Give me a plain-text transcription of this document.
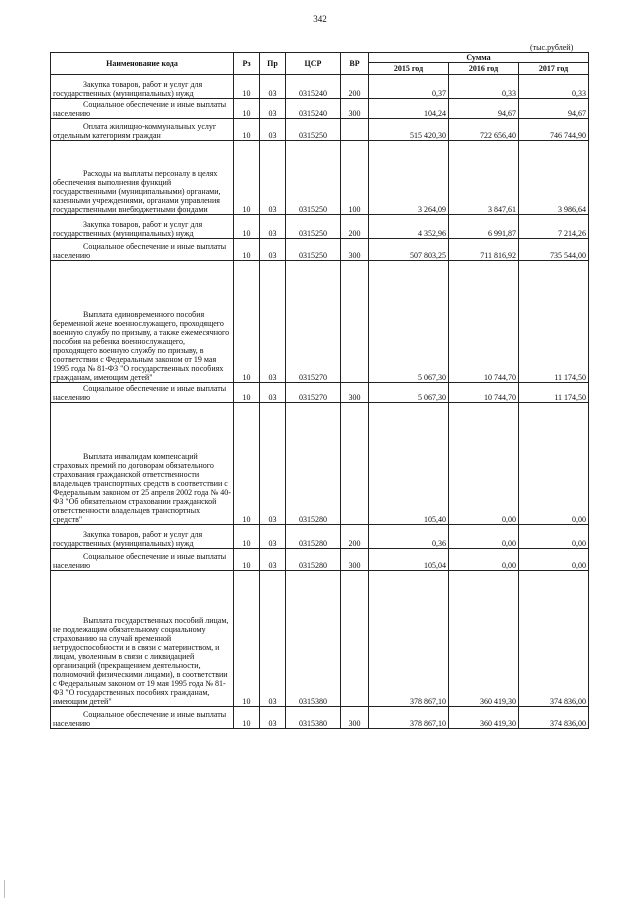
342
(тыс.рублей)
Наименование кода	Рз	Пр	ЦСР	ВР	Сумма		
					2015 год	2016 год	2017 год

Закупка товаров, работ и услуг для государственных (муниципальных) нужд	10	03	0315240	200	0,37	0,33	0,33

Социальное обеспечение и иные выплаты населению	10	03	0315240	300	104,24	94,67	94,67

Оплата жилищно-коммунальных услуг отдельным категориям граждан	10	03	0315250		515 420,30	722 656,40	746 744,90

Расходы на выплаты персоналу в целях обеспечения выполнения функций государственными (муниципальными) органами, казенными учреждениями, органами управления государственными внебюджетными фондами	10	03	0315250	100	3 264,09	3 847,61	3 986,64

Закупка товаров, работ и услуг для государственных (муниципальных) нужд	10	03	0315250	200	4 352,96	6 991,87	7 214,26

Социальное обеспечение и иные выплаты населению	10	03	0315250	300	507 803,25	711 816,92	735 544,00

Выплата единовременного пособия беременной жене военнослужащего, проходящего военную службу по призыву, а также ежемесячного пособия на ребенка военнослужащего, проходящего военную службу по призыву, в соответствии с Федеральным законом от 19 мая 1995 года № 81-ФЗ "О государственных пособиях гражданам, имеющим детей"	10	03	0315270		5 067,30	10 744,70	11 174,50

Социальное обеспечение и иные выплаты населению	10	03	0315270	300	5 067,30	10 744,70	11 174,50

Выплата инвалидам компенсаций страховых премий по договорам обязательного страхования гражданской ответственности владельцев транспортных средств в соответствии с Федеральным законом от 25 апреля 2002 года № 40-ФЗ "Об обязательном страховании гражданской ответственности владельцев транспортных средств"	10	03	0315280		105,40	0,00	0,00

Закупка товаров, работ и услуг для государственных (муниципальных) нужд	10	03	0315280	200	0,36	0,00	0,00

Социальное обеспечение и иные выплаты населению	10	03	0315280	300	105,04	0,00	0,00

Выплата государственных пособий лицам, не подлежащим обязательному социальному страхованию на случай временной нетрудоспособности и в связи с материнством, и лицам, уволенным в связи с ликвидацией организаций (прекращением деятельности, полномочий физическими лицами), в соответствии с Федеральным законом от 19 мая 1995 года № 81-ФЗ "О государственных пособиях гражданам, имеющим детей"	10	03	0315380		378 867,10	360 419,30	374 836,00

Социальное обеспечение и иные выплаты населению	10	03	0315380	300	378 867,10	360 419,30	374 836,00
